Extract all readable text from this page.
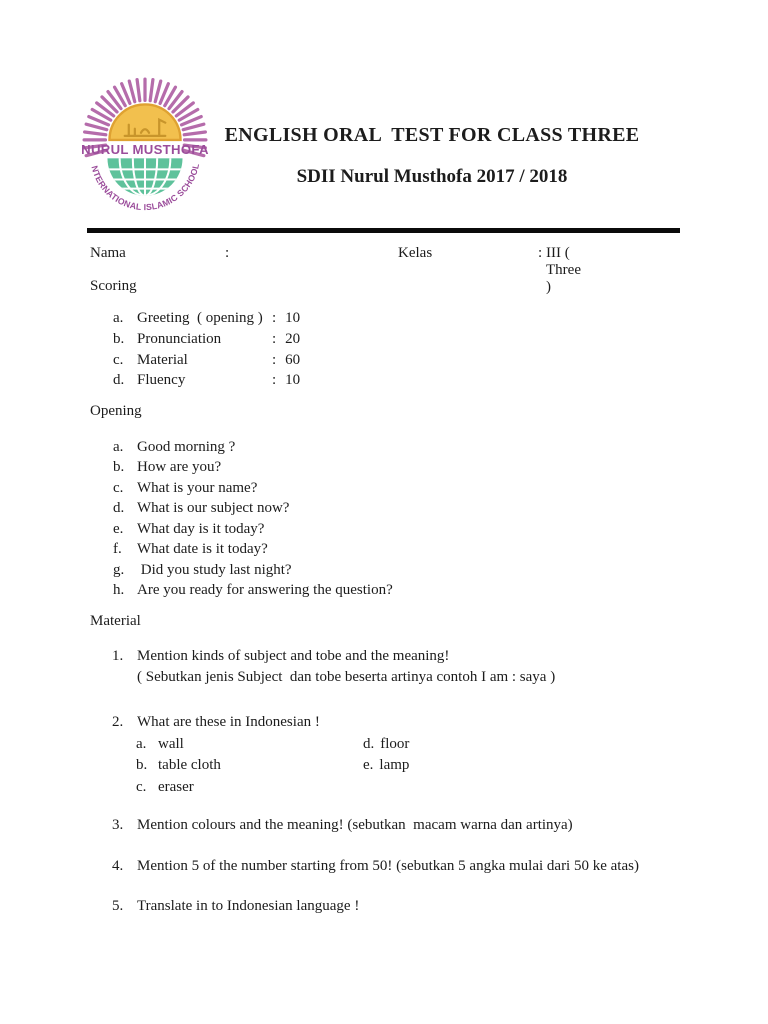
NURUL MUSTHOFA
NTERNATIONAL ISLAMIC SCHOOL
ENGLISH ORAL  TEST FOR CLASS THREE
SDII Nurul Musthofa 2017 / 2018
Nama	:	Kelas	: III ( Three )
Scoring
a. Greeting  ( opening ) : 10
b. Pronunciation	: 20
c. Material	: 60
d. Fluency	: 10
Opening
a. Good morning ?
b. How are you?
c. What is your name?
d. What is our subject now?
e. What day is it today?
f. What date is it today?
g. Did you study last night?
h. Are you ready for answering the question?
Material
1. Mention kinds of subject and tobe and the meaning!
( Sebutkan jenis Subject  dan tobe beserta artinya contoh I am : saya )
2. What are these in Indonesian !
a. wall	d. floor
b. table cloth	e. lamp
c. eraser
3. Mention colours and the meaning! (sebutkan  macam warna dan artinya)
4. Mention 5 of the number starting from 50! (sebutkan 5 angka mulai dari 50 ke atas)
5. Translate in to Indonesian language !
